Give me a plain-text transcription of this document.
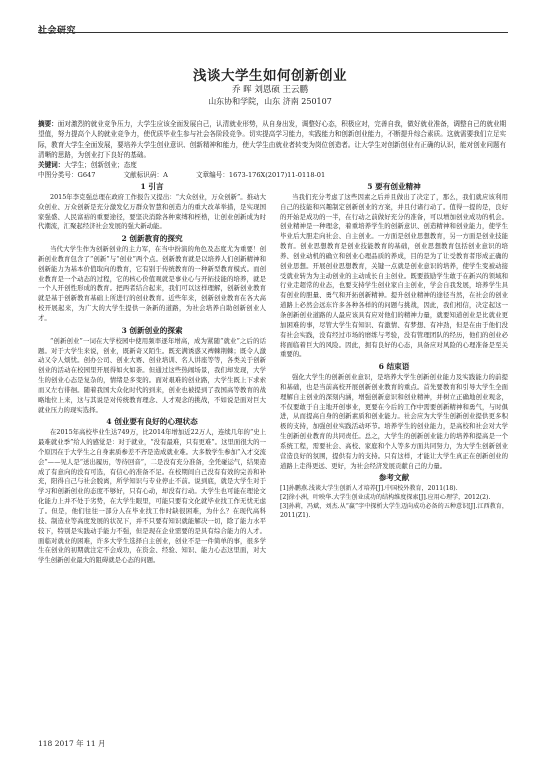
社会研究
浅谈大学生如何创新创业
乔 晖 刘恩硕 王云鹏
山东协和学院，山东 济南 250107
摘要：面对激烈的就业竞争压力，大学生应该全面发展自己，认清就业形势，从自身出发，调整好心态，积极应对，完善自我，做好就业准备，调整自己的就业期望值，努力提高个人的就业竞争力，使优质毕业生参与社会各阶段竞争。切实提高学习能力，实践能力和创新创业能力，不断提升综合素质。这就需要我们立足实际，教育大学生全面发展，要培养大学生创业意识、创新精神和能力，使大学生由就业者转变为岗位创造者。让大学生对创新创业有正确的认识，能对创业问题有清晰的思路，为创业打下良好的基础。
关键词：大学生；创新创业；态度
中图分类号：G647	文献标识码：A	文章编号：1673-176X(2017)11-0118-01
1 引言

2015年李克强总理在政府工作报告又提出：“大众创业，万众创新”。推动大众创业、万众创新是充分激发亿万群众智慧和创造力的重大改革举措，是实现国家强盛、人民富裕的重要途径，要坚决消除各种束缚和桎梏，让创业创新成为时代潮流，汇聚起经济社会发展的强大新动能。

2 创新教育的探究

当代大学生作为创新创业的主力军，在当中扮演的角色及态度尤为重要！创新创业教育包含了“创新”与“创业”两个点。创新教育就是以培养人们创新精神和创新能力为基本价值取向的教育，它有别于传统教育的一种新型教育模式。而创业教育是一个动态的过程，它的核心价值观就是事业心与开拓技能的培养，就是一个人开创性形成的教育。把两者结合起来，我们可以这样理解，创新创业教育就是基于创新教育基础上所进行的创业教育。近些年来，创新创业教育在各大高校开展起来，为广大的大学生提供一条新的道路，为社会培养自助创新创业人才。

3 创新创业的探索

“创新创业”一词在大学校园中使用频率逐年增高，成为紧随“就业”之后的话题。对于大学生来说，创业，既新奇又陌生。既充满诱惑又裨棘荆棘；既令人激动又令人烦忧。创办公司、创业大赛、创业培训、名人讲座等等，各类关于创新创业的活动在校园里开展得如火如荼。但通过这些热闹场景，我们却发现，大学生的创业心态是复杂的，情绪是多变的。面对艰难的创业路，大学生既上下求索而又左右徘徊。随着我国大众化时代的到来，创业也被提到了我国高等教育的战略地位上来，这与其说是对传统教育理念、人才观念的挑战，不如说是面对巨大就业压力的现实选择。

4 创业要有良好的心理状态

在2015年高校毕业生达749万，比2014年增加近22万人，连续几年的“史上最难就业季”给人的感觉是：对于就业，“没有最难，只有更难”。这里面很大的一个原因在于大学生之自身素质参差不齐是造成就业难。大多数学生参加“入才交流会”——见人是“送出履历，等待回音”，二是没有充分准备，全凭碰运气，结果造成了有意向的没有可选，有信心的准备不足。在校期间自己没有有效的完善和补充，阳得自己与社会脱离，所学知识与专业停止不前。说到底，就是大学生对于学习和创新创业的态度不够好，只有心动，却没有行动。大学生也可能在理论文化能力上并不处于劣势，在大学生眼里，可能只要有文化就毕业找工作无忧无虑了。但是，他们往往一部分人在毕业找工作时缺很困难，为什么？在现代高科技、制造业等高度发展的状况下，并不只要有知识就能解决一切，除了能力水平较下，特别是实践动手能力不强，但是现在企业需要的是具有综合能力的人才。面临对就业的困难，许多大学生选择自主创业，创业不是一件简单的事，很多学生在创业的初期就注定不会成功，在资金、经验、知识、能力心态这里面，对大学生创新创业最大的阻碍就是心态的问题。

5 要有创业精神

当我们充分考虑了这些因素之后并且做出了决定了，那么，我们就应该利用自己的技能和兴趣制定创新创业的方案，并且付诸行动了。值得一提的是，良好的开始是成功的一半，在行动之前做好充分的准备，可以增加创业成功的机会。创业精神是一种理念，着重培养学生的创新意识、创造精神和创业能力，使学生毕业后大胆走向社会、自主创业。一方面是创业思想教育，另一方面是创业技能教育。创业思想教育是创业技能教育的基础，创业思想教育包括创业意识的培养、创业动机的确立和创业心理品质的养成，目的是为了让受教育者形成正确的创业思想。开展创业思想教育，关键一点就是创业意识的培养，使学生变被动接受就业转为为主动创业的主动成长自主创业。既要鼓励学生敢于在新兴的领域和行业走超常的业态，也要支持学生创业家自主创业，学会自我发展，培养学生具有创业的胆量、勇气和开拓创新精神。提升创业精神的途径当然，在社会的创业道路上必然会远东许多各种各样的的问题与挑战，因此，我们相信，决定起这一条创新创业道路的人最应该具有应对他们的精神力量，就要知道创业是比就业更加困难的事，尽管大学生有知识、有激情、有梦想、有冲劲，但是在由于他们没有社会实践，没有经过市场的磨练与考验，没有管理团队的经历，他们的创业必将面临着巨大的风险。因此，拥有良好的心态，具备应对风险的心理准备是至关重要的。

6 结束语

强化大学生的创新创业意识，是培养大学生创新创业能力及实践能力的前提和基础，也是当前高校开展创新创业教育的重点。首先要教育和引导大学生全面理解自主创业的深刻内涵，增强创新意识和创业精神，并树立正确地创业观念，不仅要敢于自主地开创事业，更要在今后的工作中需要创新精神和勇气，与时俱进，从而提高自身的创新素质和创业能力。社会应为大学生创新创业提供更多积极的支持，加强创业实践活动环节。培养学生的创业能力，是高校和社会对大学生创新创业教育的共同责任。总之，大学生的创新创业能力的培养和提高是一个系统工程，需要社会、高校、家庭和个人等多方面共同努力，为大学生创新创业营造良好的氛围，提供有力的支持。只有这样，才能让大学生真正在创新创业的道路上走得更远、更好，为社会经济发展贡献自己的力量。

参考文献
[1]孙鹏燕.浅谈大学生创新人才培养[J].中国校外教育，2011(18).
[2]徐小洲，叶映华.大学生创业成功的结构维度探索[J].应用心理学，2012(2).
[3]孙莉，冯斌，刘杰.从“赢”字中探析大学生迈向成功必备的五种意识[J].江西教育，2011(Z1).
118 2017 年 11 月
